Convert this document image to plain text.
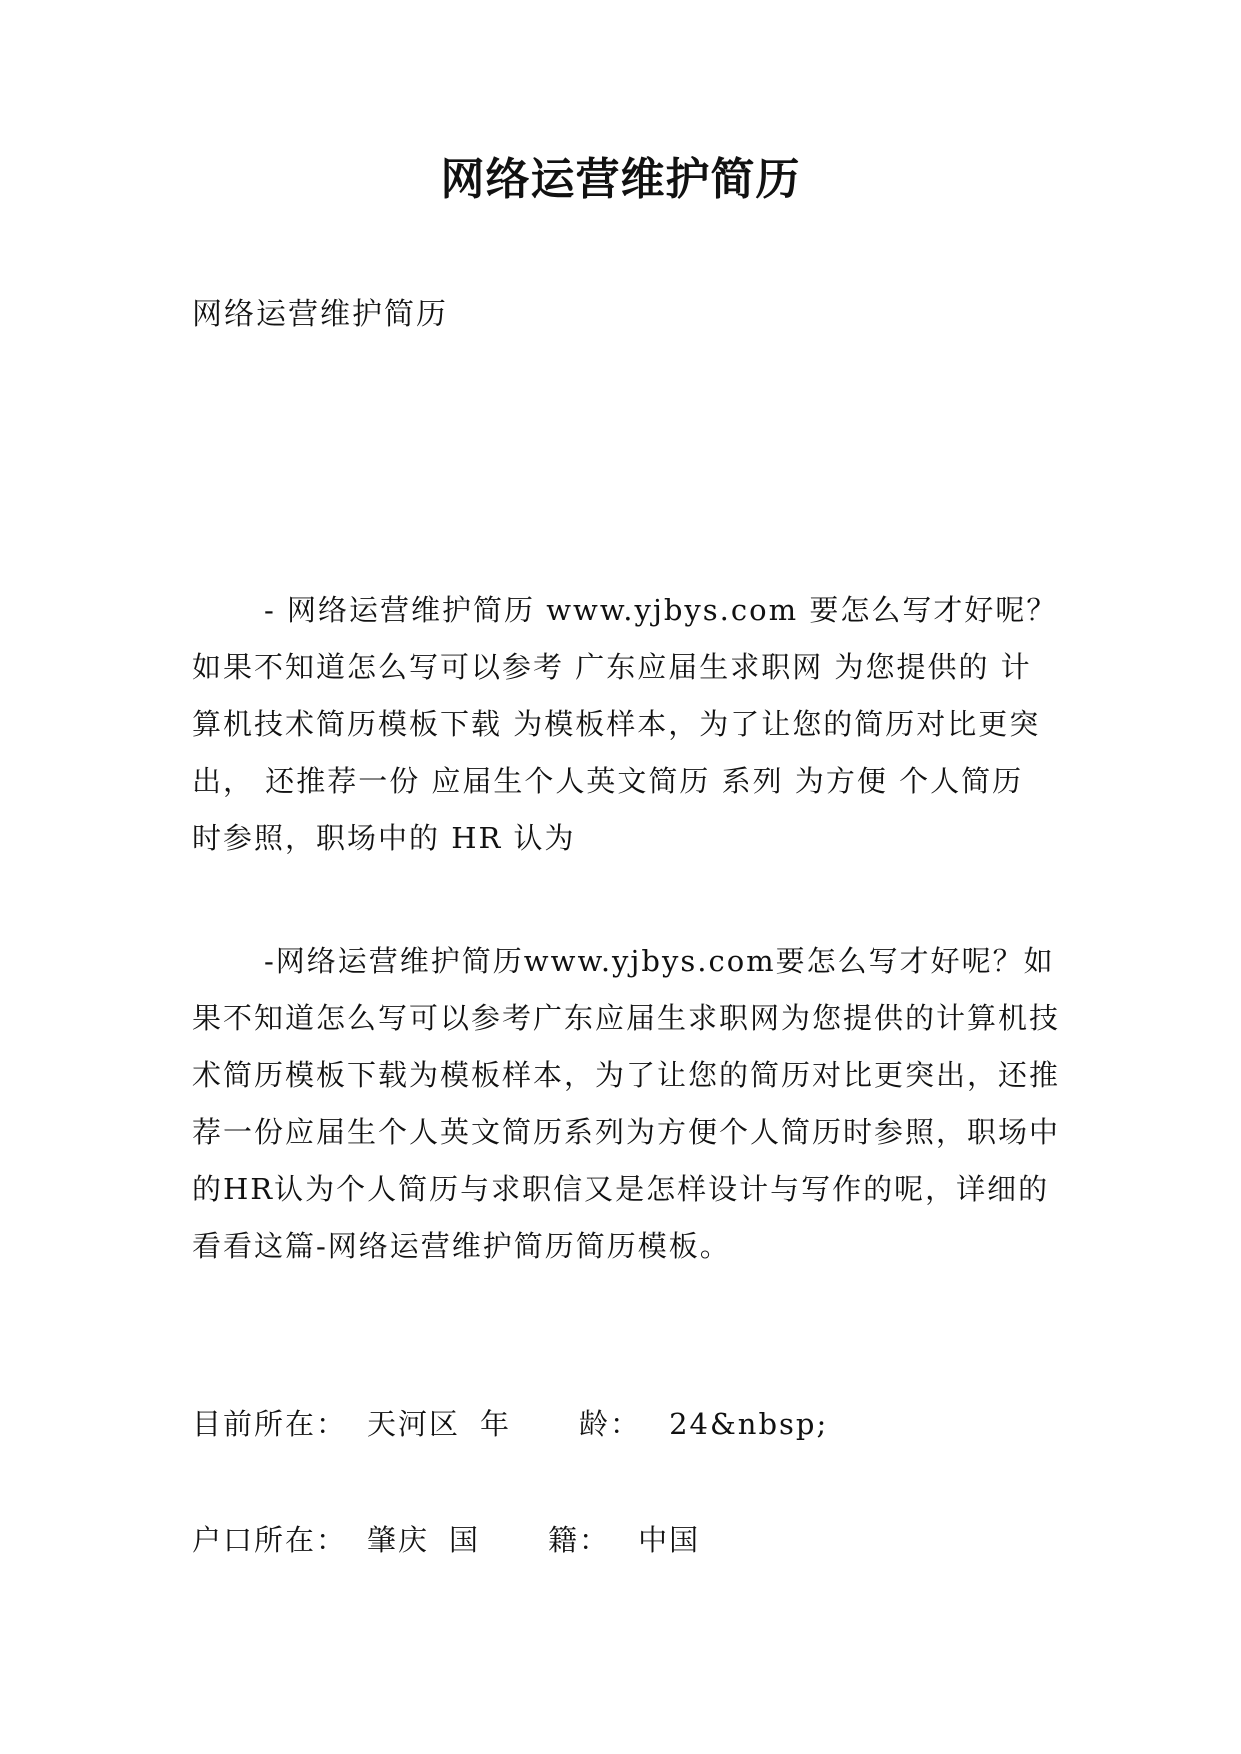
网络运营维护简历

网络运营维护简历

- 网络运营维护简历 www.yjbys.com 要怎么写才好呢？如果不知道怎么写可以参考 广东应届生求职网 为您提供的 计算机技术简历模板下载 为模板样本，为了让您的简历对比更突出， 还推荐一份 应届生个人英文简历 系列 为方便 个人简历 时参照，职场中的 HR 认为

-网络运营维护简历www.yjbys.com要怎么写才好呢？如果不知道怎么写可以参考广东应届生求职网为您提供的计算机技术简历模板下载为模板样本，为了让您的简历对比更突出，还推荐一份应届生个人英文简历系列为方便个人简历时参照，职场中的HR认为个人简历与求职信又是怎样设计与写作的呢，详细的看看这篇-网络运营维护简历简历模板。

目前所在： 天河区 年 龄： 24&nbsp;
户口所在： 肇庆 国 籍： 中国
